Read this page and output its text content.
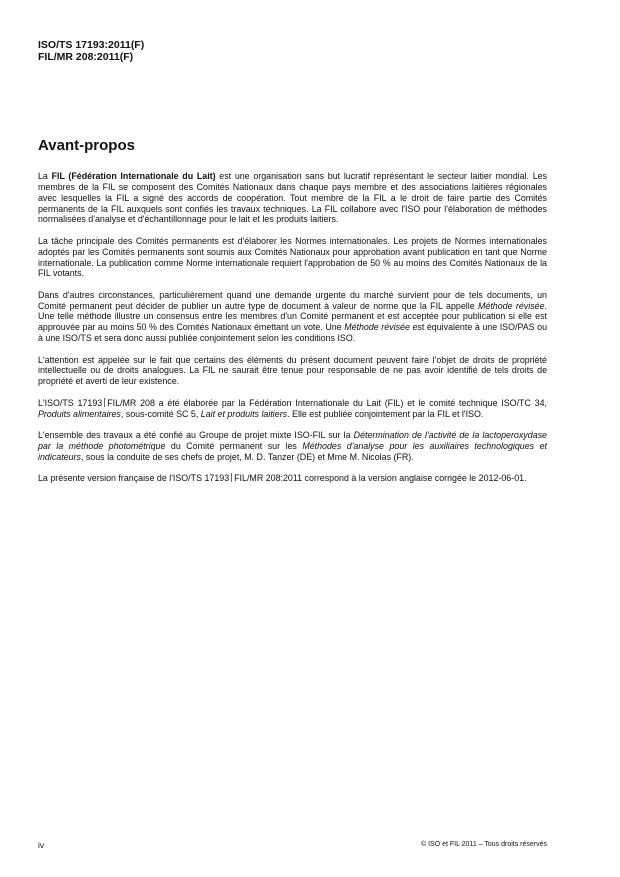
ISO/TS 17193:2011(F)
FIL/MR 208:2011(F)
Avant-propos

La FIL (Fédération Internationale du Lait) est une organisation sans but lucratif représentant le secteur laitier mondial. Les membres de la FIL se composent des Comités Nationaux dans chaque pays membre et des associations laitières régionales avec lesquelles la FIL a signé des accords de coopération. Tout membre de la FIL a le droit de faire partie des Comités permanents de la FIL auxquels sont confiés les travaux techniques. La FIL collabore avec l'ISO pour l'élaboration de méthodes normalisées d'analyse et d'échantillonnage pour le lait et les produits laitiers.

La tâche principale des Comités permanents est d'élaborer les Normes internationales. Les projets de Normes internationales adoptés par les Comités permanents sont soumis aux Comités Nationaux pour approbation avant publication en tant que Norme internationale. La publication comme Norme internationale requiert l'approbation de 50 % au moins des Comités Nationaux de la FIL votants.

Dans d'autres circonstances, particulièrement quand une demande urgente du marché survient pour de tels documents, un Comité permanent peut décider de publier un autre type de document à valeur de norme que la FIL appelle Méthode révisée. Une telle méthode illustre un consensus entre les membres d'un Comité permanent et est acceptée pour publication si elle est approuvée par au moins 50 % des Comités Nationaux émettant un vote. Une Méthode révisée est équivalente à une ISO/PAS ou à une ISO/TS et sera donc aussi publiée conjointement selon les conditions ISO.

L'attention est appelée sur le fait que certains des éléments du présent document peuvent faire l'objet de droits de propriété intellectuelle ou de droits analogues. La FIL ne saurait être tenue pour responsable de ne pas avoir identifié de tels droits de propriété et averti de leur existence.

L'ISO/TS 17193 FIL/MR 208 a été élaborée par la Fédération Internationale du Lait (FIL) et le comité technique ISO/TC 34, Produits alimentaires, sous-comité SC 5, Lait et produits laitiers. Elle est publiée conjointement par la FIL et l'ISO.

L'ensemble des travaux a été confié au Groupe de projet mixte ISO-FIL sur la Détermination de l'activité de la lactoperoxydase par la méthode photométrique du Comité permanent sur les Méthodes d'analyse pour les auxiliaires technologiques et indicateurs, sous la conduite de ses chefs de projet, M. D. Tanzer (DE) et Mme M. Nicolas (FR).

La présente version française de l'ISO/TS 17193 FIL/MR 208:2011 correspond à la version anglaise corrigée le 2012-06-01.

iv	© ISO et FIL 2011 – Tous droits réservés
